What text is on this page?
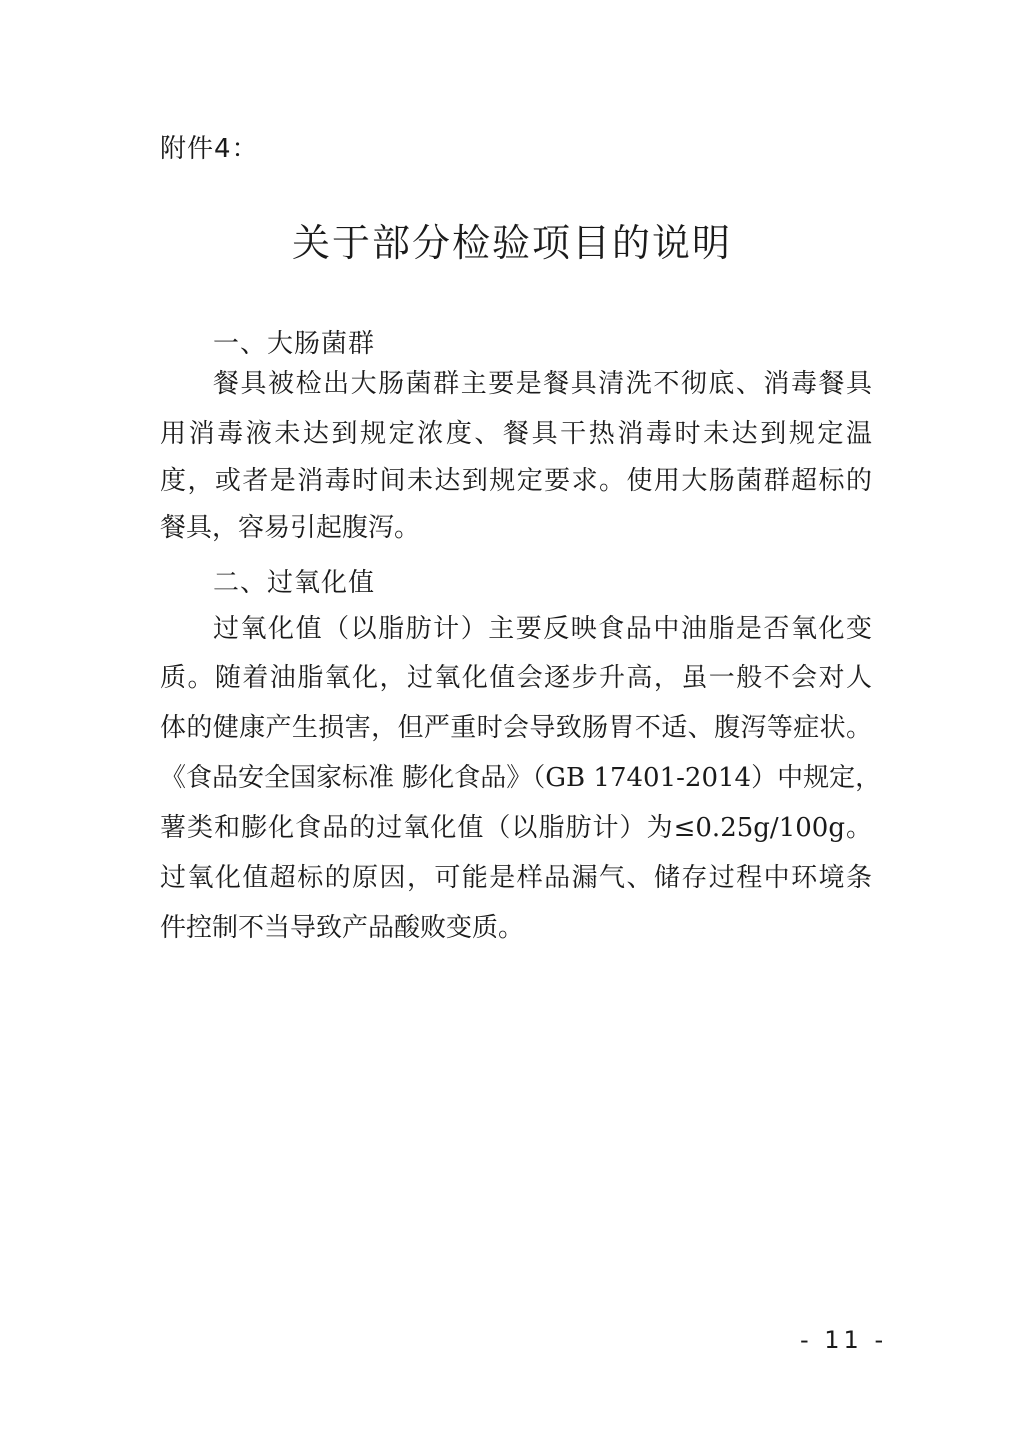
附件4：
关于部分检验项目的说明
一、大肠菌群
餐具被检出大肠菌群主要是餐具清洗不彻底、消毒餐具
用消毒液未达到规定浓度、餐具干热消毒时未达到规定温
度，或者是消毒时间未达到规定要求。使用大肠菌群超标的
餐具，容易引起腹泻。
二、过氧化值
过氧化值（以脂肪计）主要反映食品中油脂是否氧化变
质。随着油脂氧化，过氧化值会逐步升高，虽一般不会对人
体的健康产生损害，但严重时会导致肠胃不适、腹泻等症状。
《食品安全国家标准 膨化食品》（GB 17401-2014）中规定，
薯类和膨化食品的过氧化值（以脂肪计）为≤0.25g/100g。
过氧化值超标的原因，可能是样品漏气、储存过程中环境条
件控制不当导致产品酸败变质。
- 11 -
